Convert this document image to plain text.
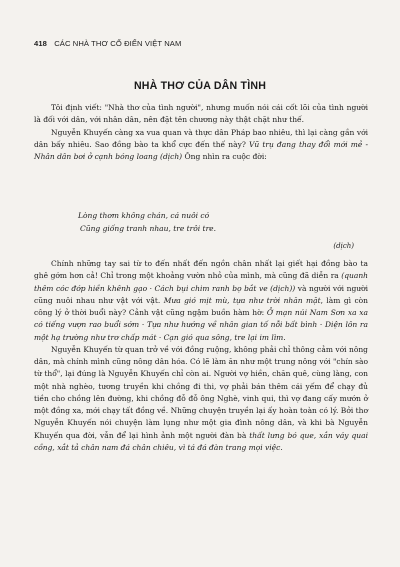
418 CÁC NHÀ THƠ CỔ ĐIỂN VIỆT NAM
NHÀ THƠ CỦA DÂN TÌNH

Tôi định viết: "Nhà thơ của tình người", nhưng muốn nói cái cốt lõi của tình người là đối với dân, với nhân dân, nên đặt tên chương này thật chặt như thế.

Nguyễn Khuyến càng xa vua quan và thực dân Pháp bao nhiêu, thì lại càng gần với dân bấy nhiêu. Sao đồng bào ta khổ cực đến thế này? Vũ trụ đang thay đổi mới mẻ - Nhân dân bơi ở cạnh bóng loang (dịch) Ông nhìn ra cuộc đời:

Lòng thơm không chán, cá nuôi có
Cũng giống tranh nhau, tre trôi tre.
(dịch)

Chính những tay sai từ to đến nhất đến ngồn chân nhất lại giết hại đồng bào ta ghê gớm hơn cả! Chỉ trong một khoảng vườn nhỏ của mình, mà cũng đã diễn ra (quanh thêm cóc đớp hiền khênh gạo · Cách bụi chim ranh bọ bắt ve (dịch)) và người với người cũng nuôi nhau như vật với vật. Mưa gió mịt mù, tựa như trời nhăn mặt, làm gì còn công lý ở thời buổi này? Cảnh vật cũng ngậm buồn hàm hờ: Ở mạn núi Nam Sơn xa xa có tiếng vượn rao buổi sớm · Tựa như hướng về nhân gian tố nỗi bất bình · Diện lôn ra một hạ trường như trơ chấp mát · Cạn gió qua sông, tre lại im lìm.

Nguyễn Khuyến từ quan trở về với đồng ruộng, không phải chỉ thông cảm với nông dân, mà chính mình cũng nông dân hóa. Có lẽ làm ăn như một trung nông với "chín sào từ thổ", lại đúng là Nguyễn Khuyến chỉ còn ai. Người vợ hiền, chăn quê, cùng làng, con một nhà nghèo, tương truyền khi chồng đi thi, vợ phải bán thêm cái yếm để chạy đủ tiền cho chồng lên đường, khi chồng đỗ đỗ ông Nghè, vinh qui, thì vợ đang cấy mướn ở một đồng xa, mới chạy tất đồng về. Những chuyện truyền lại ấy hoàn toàn có lý. Bởi thơ Nguyễn Khuyến nói chuyện làm lụng như một gia đình nông dân, và khi bà Nguyễn Khuyến qua đời, vẫn để lại hình ảnh một người đàn bà thất lưng bó que, xắn váy quai cồng, xắt tả chân nam đá chân chiêu, vì tá đá đàn trang mọi việc.
